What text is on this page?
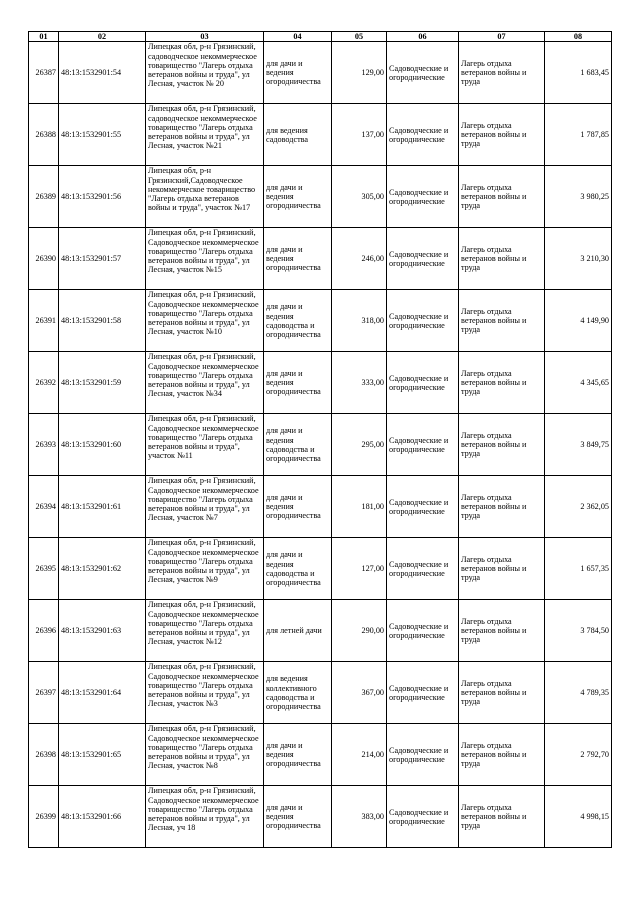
01	02	03	04	05	06	07	08

26387	48:13:1532901:54	Липецкая обл, р-н Грязинский, садоводческое некоммерческое товарищество "Лагерь отдыха ветеранов войны и труда", ул Лесная, участок № 20	для дачи и ведения огородничества	129,00	Садоводческие и огороднические	Лагерь отдыха ветеранов войны и труда	1 683,45

26388	48:13:1532901:55	Липецкая обл, р-н Грязинский, садоводческое некоммерческое товарищество "Лагерь отдыха ветеранов войны и труда", ул Лесная, участок №21	для ведения садоводства	137,00	Садоводческие и огороднические	Лагерь отдыха ветеранов войны и труда	1 787,85

26389	48:13:1532901:56	Липецкая обл, р-н Грязинский,Садоводческое некоммерческое товарищество "Лагерь отдыха ветеранов войны и труда", участок №17	для дачи и ведения огородничества	305,00	Садоводческие и огороднические	Лагерь отдыха ветеранов войны и труда	3 980,25

26390	48:13:1532901:57	Липецкая обл, р-н Грязинский, Садоводческое некоммерческое товарищество "Лагерь отдыха ветеранов войны и труда", ул Лесная, участок №15	для дачи и ведения огородничества	246,00	Садоводческие и огороднические	Лагерь отдыха ветеранов войны и труда	3 210,30

26391	48:13:1532901:58	Липецкая обл, р-н Грязинский, Садоводческое некоммерческое товарищество "Лагерь отдыха ветеранов войны и труда", ул Лесная, участок №10	для дачи и ведения садоводства и огородничества	318,00	Садоводческие и огороднические	Лагерь отдыха ветеранов войны и труда	4 149,90

26392	48:13:1532901:59	Липецкая обл, р-н Грязинский, Садоводческое некоммерческое товарищество "Лагерь отдыха ветеранов войны и труда", ул Лесная, участок №34	для дачи и ведения огородничества	333,00	Садоводческие и огороднические	Лагерь отдыха ветеранов войны и труда	4 345,65

26393	48:13:1532901:60	Липецкая обл, р-н Грязинский, Садоводческое некоммерческое товарищество "Лагерь отдыха ветеранов войны и труда", участок №11	для дачи и ведения садоводства и огородничества	295,00	Садоводческие и огороднические	Лагерь отдыха ветеранов войны и труда	3 849,75

26394	48:13:1532901:61	Липецкая обл, р-н Грязинский, Садоводческое некоммерческое товарищество "Лагерь отдыха ветеранов войны и труда", ул Лесная, участок №7	для дачи и ведения огородничества	181,00	Садоводческие и огороднические	Лагерь отдыха ветеранов войны и труда	2 362,05

26395	48:13:1532901:62	Липецкая обл, р-н Грязинский, Садоводческое некоммерческое товарищество "Лагерь отдыха ветеранов войны и труда", ул Лесная, участок №9	для дачи и ведения садоводства и огородничества	127,00	Садоводческие и огороднические	Лагерь отдыха ветеранов войны и труда	1 657,35

26396	48:13:1532901:63	Липецкая обл, р-н Грязинский, Садоводческое некоммерческое товарищество "Лагерь отдыха ветеранов войны и труда", ул Лесная, участок №12	для летней дачи	290,00	Садоводческие и огороднические	Лагерь отдыха ветеранов войны и труда	3 784,50

26397	48:13:1532901:64	Липецкая обл, р-н Грязинский, Садоводческое некоммерческое товарищество "Лагерь отдыха ветеранов войны и труда", ул Лесная, участок №3	для ведения коллективного садоводства и огородничества	367,00	Садоводческие и огороднические	Лагерь отдыха ветеранов войны и труда	4 789,35

26398	48:13:1532901:65	Липецкая обл, р-н Грязинский, Садоводческое некоммерческое товарищество "Лагерь отдыха ветеранов войны и труда", ул Лесная, участок №8	для дачи и ведения огородничества	214,00	Садоводческие и огороднические	Лагерь отдыха ветеранов войны и труда	2 792,70

26399	48:13:1532901:66	Липецкая обл, р-н Грязинский, Садоводческое некоммерческое товарищество "Лагерь отдыха ветеранов войны и труда", ул Лесная, уч 18	для дачи и ведения огородничества	383,00	Садоводческие и огороднические	Лагерь отдыха ветеранов войны и труда	4 998,15
